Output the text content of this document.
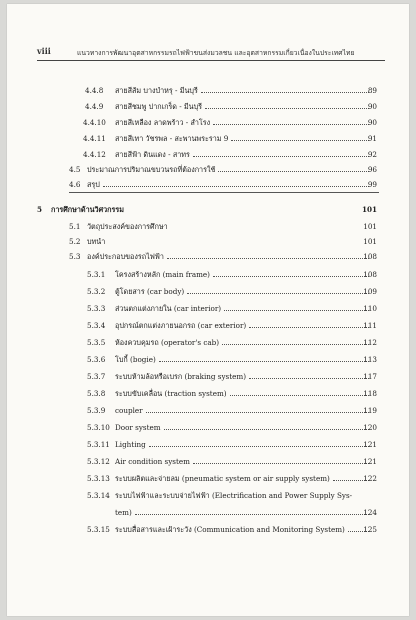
viii	แนวทางการพัฒนาอุตสาหกรรมรถไฟฟ้าขนส่งมวลชน และอุตสาหกรรมเกี่ยวเนื่องในประเทศไทย
4.4.8 สายสีส้ม บางบำหรุ - มีนบุรี	89
4.4.9 สายสีชมพู ปากเกร็ด - มีนบุรี	90
4.4.10 สายสีเหลือง ลาดพร้าว - สำโรง	90
4.4.11 สายสีเทา วัชรพล - สะพานพระราม 9	91
4.4.12 สายสีฟ้า ดินแดง - สาทร	92
4.5 ประมาณการปริมาณขบวนรถที่ต้องการใช้	96
4.6 สรุป	99
5 การศึกษาด้านวิศวกรรม	101
5.1 วัตถุประสงค์ของการศึกษา	101
5.2 บทนำ	101
5.3 องค์ประกอบของรถไฟฟ้า	108
5.3.1 โครงสร้างหลัก (main frame)	108
5.3.2 ตู้โดยสาร (car body)	109
5.3.3 ส่วนตกแต่งภายใน (car interior)	110
5.3.4 อุปกรณ์ตกแต่งภายนอกรถ (car exterior)	111
5.3.5 ห้องควบคุมรถ (operator's cab)	112
5.3.6 โบกี้ (bogie)	113
5.3.7 ระบบห้ามล้อหรือเบรก (braking system)	117
5.3.8 ระบบขับเคลื่อน (traction system)	118
5.3.9 coupler	119
5.3.10 Door system	120
5.3.11 Lighting	121
5.3.12 Air condition system	121
5.3.13 ระบบผลิตและจ่ายลม (pneumatic system or air supply system)	122
5.3.14 ระบบไฟฟ้าและระบบจ่ายไฟฟ้า (Electrification and Power Supply Sys-
tem)	124
5.3.15 ระบบสื่อสารและเฝ้าระวัง (Communication and Monitoring System)	125
